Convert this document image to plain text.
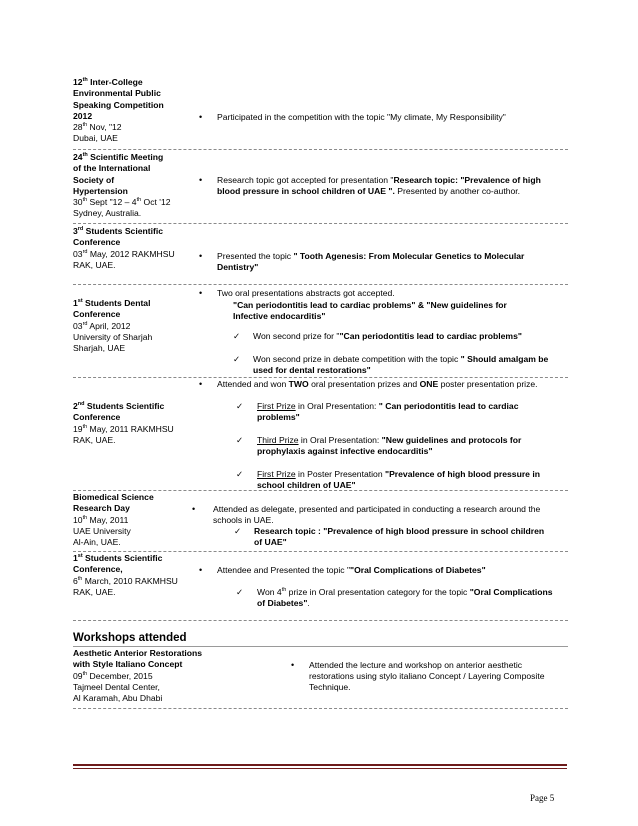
12th Inter-College
Environmental Public
Speaking Competition
2012
28th Nov, "12
Dubai, UAE
• Participated in the competition with the topic "My climate, My Responsibility"
24th Scientific Meeting
of the International
Society of
Hypertension
30th Sept "12 – 4th Oct '12
Sydney, Australia.
• Research topic got accepted for presentation "Research topic: "Prevalence of high
blood pressure in school children of UAE ". Presented by another co-author.
3rd Students Scientific
Conference
03rd May, 2012 RAKMHSU
RAK, UAE.
• Presented the topic " Tooth Agenesis: From Molecular Genetics to Molecular
Dentistry"
1st Students Dental
Conference
03rd April, 2012
University of Sharjah
Sharjah, UAE
• Two oral presentations abstracts got accepted.
"Can periodontitis lead to cardiac problems" & "New guidelines for
Infective endocarditis"
✓ Won second prize for ""Can periodontitis lead to cardiac problems"
✓ Won second prize in debate competition with the topic " Should amalgam be
used for dental restorations"
2nd Students Scientific
Conference
19th May, 2011 RAKMHSU
RAK, UAE.
• Attended and won TWO oral presentation prizes and ONE poster presentation prize.
✓ First Prize in Oral Presentation: " Can periodontitis lead to cardiac
problems"
✓ Third Prize in Oral Presentation: "New guidelines and protocols for
prophylaxis against infective endocarditis"
✓ First Prize in Poster Presentation "Prevalence of high blood pressure in
school children of UAE"
Biomedical Science
Research Day
10th May, 2011
UAE University
Al-Ain, UAE.
• Attended as delegate, presented and participated in conducting a research around the
schools in UAE.
✓ Research topic : "Prevalence of high blood pressure in school children
of UAE"
1st Students Scientific
Conference,
6th March, 2010 RAKMHSU
RAK, UAE.
• Attendee and Presented the topic ""Oral Complications of Diabetes"
✓ Won 4th prize in Oral presentation category for the topic "Oral Complications
of Diabetes".
Workshops attended
Aesthetic Anterior Restorations
with Style Italiano Concept
09th December, 2015
Tajmeel Dental Center,
Al Karamah, Abu Dhabi
• Attended the lecture and workshop on anterior aesthetic
restorations using stylo italiano Concept / Layering Composite
Technique.
Page 5
